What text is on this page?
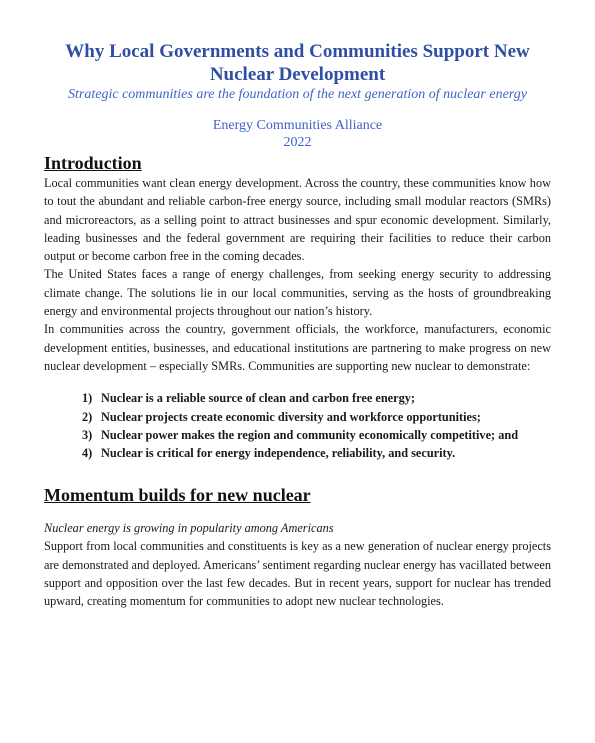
Why Local Governments and Communities Support New
Nuclear Development

Strategic communities are the foundation of the next generation of nuclear energy

Energy Communities Alliance

2022

Introduction

Local communities want clean energy development. Across the country, these communities know how to tout the abundant and reliable carbon-free energy source, including small modular reactors (SMRs) and microreactors, as a selling point to attract businesses and spur economic development. Similarly, leading businesses and the federal government are requiring their facilities to reduce their carbon output or become carbon free in the coming decades.

The United States faces a range of energy challenges, from seeking energy security to addressing climate change. The solutions lie in our local communities, serving as the hosts of groundbreaking energy and environmental projects throughout our nation’s history.

In communities across the country, government officials, the workforce, manufacturers, economic development entities, businesses, and educational institutions are partnering to make progress on new nuclear development – especially SMRs. Communities are supporting new nuclear to demonstrate:

1) Nuclear is a reliable source of clean and carbon free energy;
2) Nuclear projects create economic diversity and workforce opportunities;
3) Nuclear power makes the region and community economically competitive; and
4) Nuclear is critical for energy independence, reliability, and security.
Momentum builds for new nuclear

Nuclear energy is growing in popularity among Americans

Support from local communities and constituents is key as a new generation of nuclear energy projects are demonstrated and deployed. Americans’ sentiment regarding nuclear energy has vacillated between support and opposition over the last few decades. But in recent years, support for nuclear has trended upward, creating momentum for communities to adopt new nuclear technologies.
